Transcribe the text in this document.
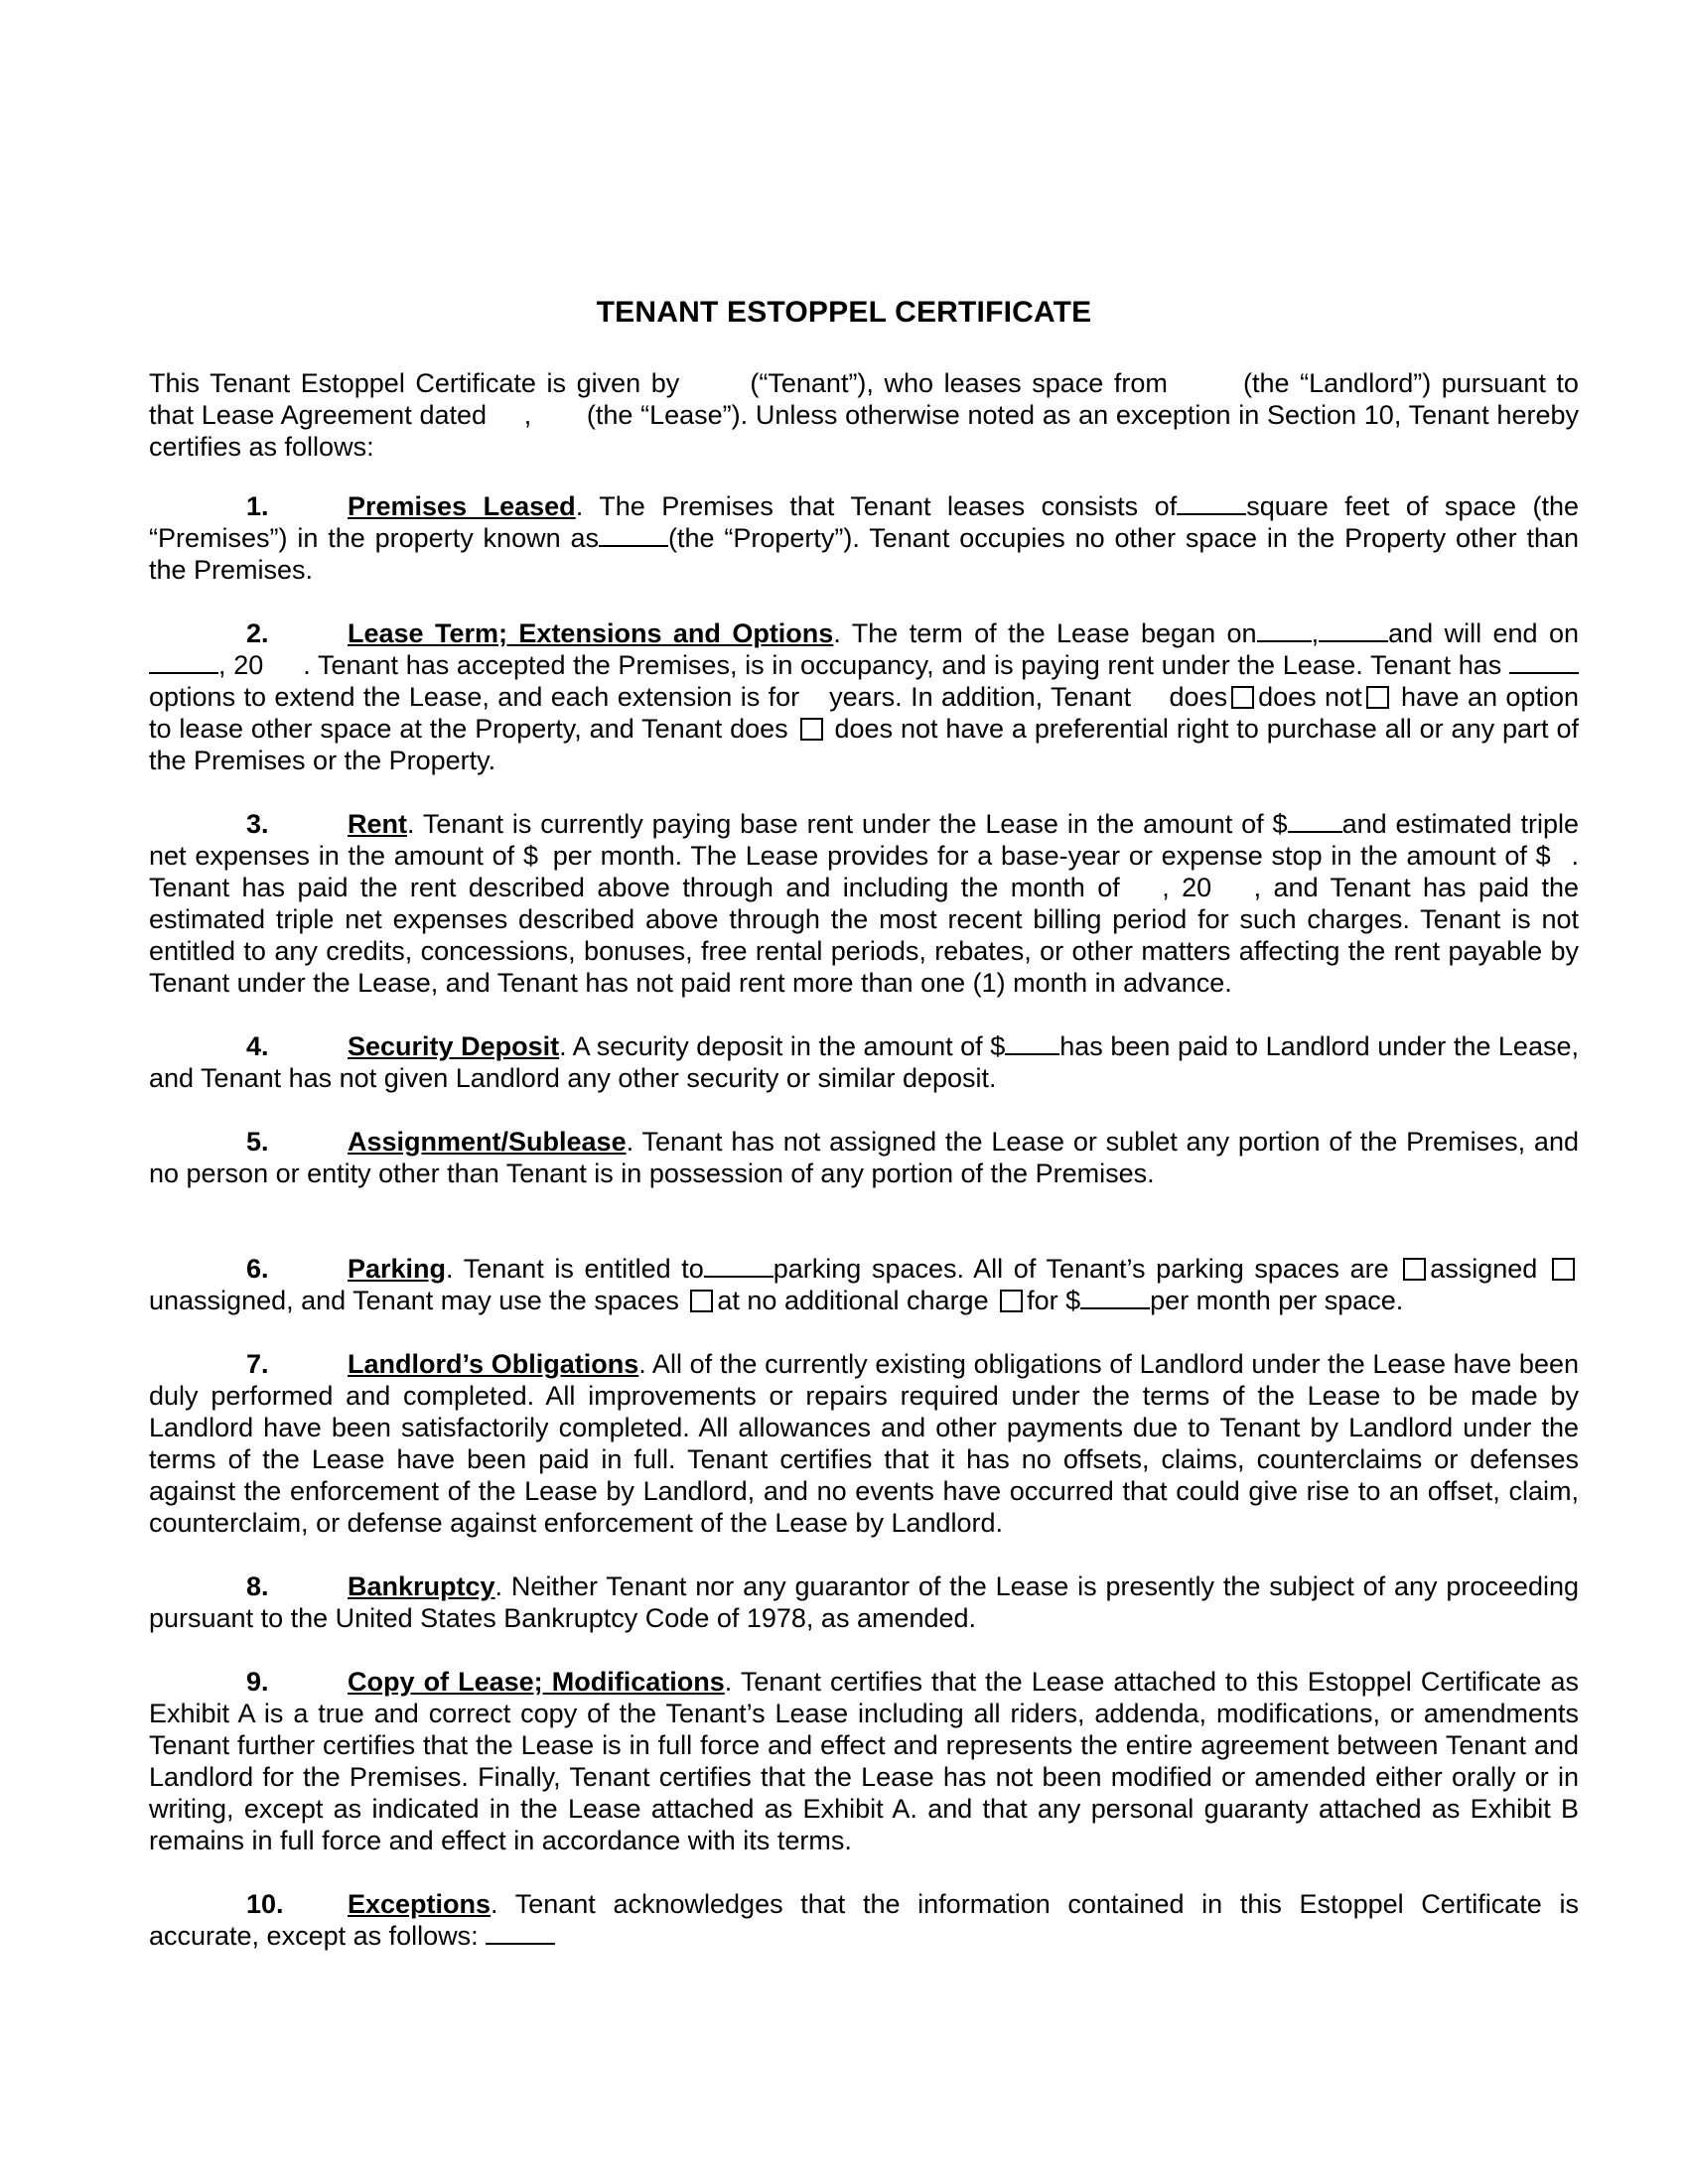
TENANT ESTOPPEL CERTIFICATE
This Tenant Estoppel Certificate is given by	(“Tenant”), who leases space from	(the “Landlord”) pursuant to that Lease Agreement dated , (the “Lease”). Unless otherwise noted as an exception in Section 10, Tenant hereby certifies as follows:
1.	Premises Leased. The Premises that Tenant leases consists of	square feet of space (the “Premises”) in the property known as	(the “Property”). Tenant occupies no other space in the Property other than the Premises.
2.	Lease Term; Extensions and Options. The term of the Lease began on ,	and will end on , 20 . Tenant has accepted the Premises, is in occupancy, and is paying rent under the Lease. Tenant has options to extend the Lease, and each extension is for years. In addition, Tenant does does not have an option to lease other space at the Property, and Tenant does does not have a preferential right to purchase all or any part of the Premises or the Property.
3.	Rent. Tenant is currently paying base rent under the Lease in the amount of $ and estimated triple net expenses in the amount of $ per month. The Lease provides for a base-year or expense stop in the amount of $ . Tenant has paid the rent described above through and including the month of , 20 , and Tenant has paid the estimated triple net expenses described above through the most recent billing period for such charges. Tenant is not entitled to any credits, concessions, bonuses, free rental periods, rebates, or other matters affecting the rent payable by Tenant under the Lease, and Tenant has not paid rent more than one (1) month in advance.
4.	Security Deposit. A security deposit in the amount of $ has been paid to Landlord under the Lease, and Tenant has not given Landlord any other security or similar deposit.
5.	Assignment/Sublease. Tenant has not assigned the Lease or sublet any portion of the Premises, and no person or entity other than Tenant is in possession of any portion of the Premises.
6.	Parking. Tenant is entitled to	parking spaces. All of Tenant’s parking spaces are assigned unassigned, and Tenant may use the spaces at no additional charge for $	per month per space.
7.	Landlord’s Obligations. All of the currently existing obligations of Landlord under the Lease have been duly performed and completed. All improvements or repairs required under the terms of the Lease to be made by Landlord have been satisfactorily completed. All allowances and other payments due to Tenant by Landlord under the terms of the Lease have been paid in full. Tenant certifies that it has no offsets, claims, counterclaims or defenses against the enforcement of the Lease by Landlord, and no events have occurred that could give rise to an offset, claim, counterclaim, or defense against enforcement of the Lease by Landlord.
8.	Bankruptcy. Neither Tenant nor any guarantor of the Lease is presently the subject of any proceeding pursuant to the United States Bankruptcy Code of 1978, as amended.
9.	Copy of Lease; Modifications. Tenant certifies that the Lease attached to this Estoppel Certificate as Exhibit A is a true and correct copy of the Tenant’s Lease including all riders, addenda, modifications, or amendments Tenant further certifies that the Lease is in full force and effect and represents the entire agreement between Tenant and Landlord for the Premises. Finally, Tenant certifies that the Lease has not been modified or amended either orally or in writing, except as indicated in the Lease attached as Exhibit A. and that any personal guaranty attached as Exhibit B remains in full force and effect in accordance with its terms.
10. Exceptions. Tenant acknowledges that the information contained in this Estoppel Certificate is accurate, except as follows:
